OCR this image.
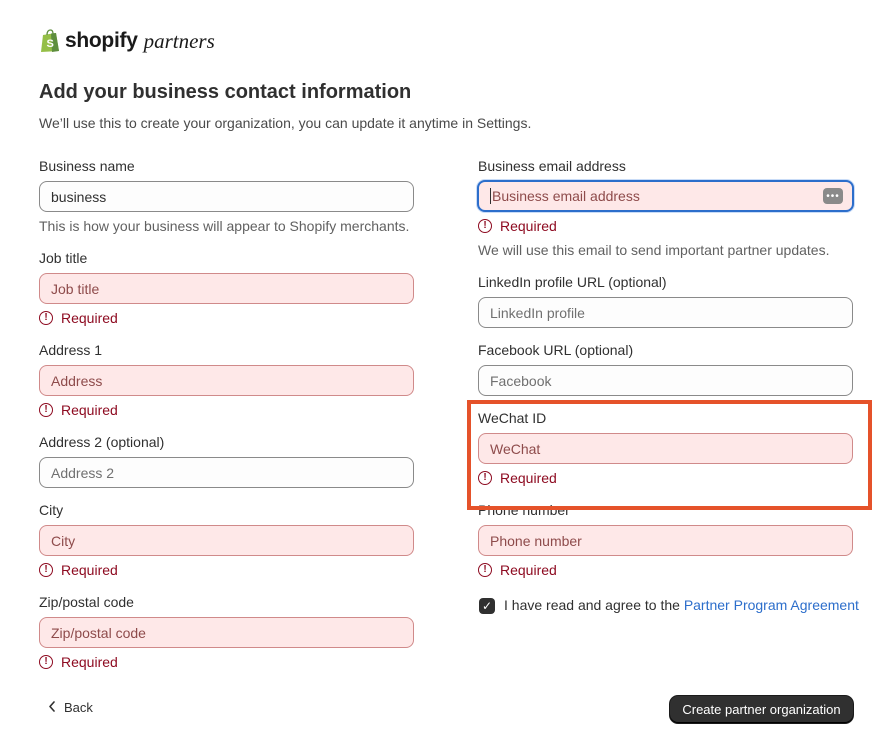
S shopify partners
Add your business contact information
We’ll use this to create your organization, you can update it anytime in Settings.
Business name
business
This is how your business will appear to Shopify merchants.
Job title
Job title
! Required
Address 1
Address
! Required
Address 2 (optional)
Address 2
City
City
! Required
Zip/postal code
Zip/postal code
! Required
Business email address
Business email address	•••
! Required
We will use this email to send important partner updates.
LinkedIn profile URL (optional)
LinkedIn profile
Facebook URL (optional)
Facebook
WeChat ID
WeChat
! Required
Phone number
Phone number
! Required
✓ I have read and agree to the Partner Program Agreement
Back	Create partner organization
